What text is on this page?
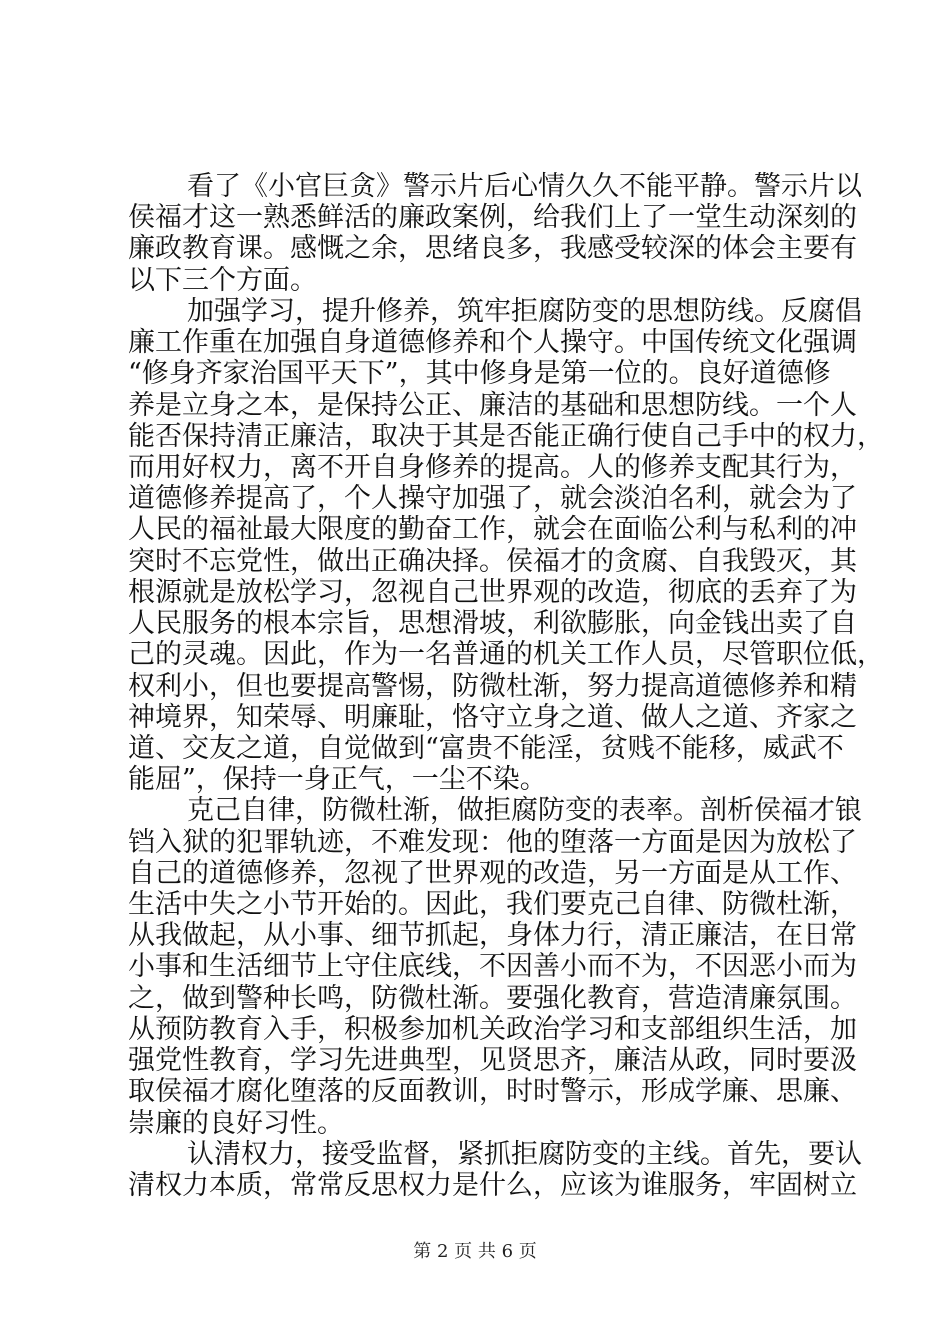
看了《小官巨贪》警示片后心情久久不能平静。警示片以
侯福才这一熟悉鲜活的廉政案例，给我们上了一堂生动深刻的
廉政教育课。感慨之余，思绪良多，我感受较深的体会主要有
以下三个方面。
加强学习，提升修养，筑牢拒腐防变的思想防线。反腐倡
廉工作重在加强自身道德修养和个人操守。中国传统文化强调
“修身齐家治国平天下”，其中修身是第一位的。良好道德修
养是立身之本，是保持公正、廉洁的基础和思想防线。一个人
能否保持清正廉洁，取决于其是否能正确行使自己手中的权力，
而用好权力，离不开自身修养的提高。人的修养支配其行为，
道德修养提高了，个人操守加强了，就会淡泊名利，就会为了
人民的福祉最大限度的勤奋工作，就会在面临公利与私利的冲
突时不忘党性，做出正确决择。侯福才的贪腐、自我毁灭，其
根源就是放松学习，忽视自己世界观的改造，彻底的丢弃了为
人民服务的根本宗旨，思想滑坡，利欲膨胀，向金钱出卖了自
己的灵魂。因此，作为一名普通的机关工作人员，尽管职位低，
权利小，但也要提高警惕，防微杜渐，努力提高道德修养和精
神境界，知荣辱、明廉耻，恪守立身之道、做人之道、齐家之
道、交友之道，自觉做到“富贵不能淫，贫贱不能移，威武不
能屈”，保持一身正气，一尘不染。
克己自律，防微杜渐，做拒腐防变的表率。剖析侯福才锒
铛入狱的犯罪轨迹，不难发现：他的堕落一方面是因为放松了
自己的道德修养，忽视了世界观的改造，另一方面是从工作、
生活中失之小节开始的。因此，我们要克己自律、防微杜渐，
从我做起，从小事、细节抓起，身体力行，清正廉洁，在日常
小事和生活细节上守住底线，不因善小而不为，不因恶小而为
之，做到警种长鸣，防微杜渐。要强化教育，营造清廉氛围。
从预防教育入手，积极参加机关政治学习和支部组织生活，加
强党性教育，学习先进典型，见贤思齐，廉洁从政，同时要汲
取侯福才腐化堕落的反面教训，时时警示，形成学廉、思廉、
崇廉的良好习性。
认清权力，接受监督，紧抓拒腐防变的主线。首先，要认
清权力本质，常常反思权力是什么，应该为谁服务，牢固树立
第 2 页 共 6 页
